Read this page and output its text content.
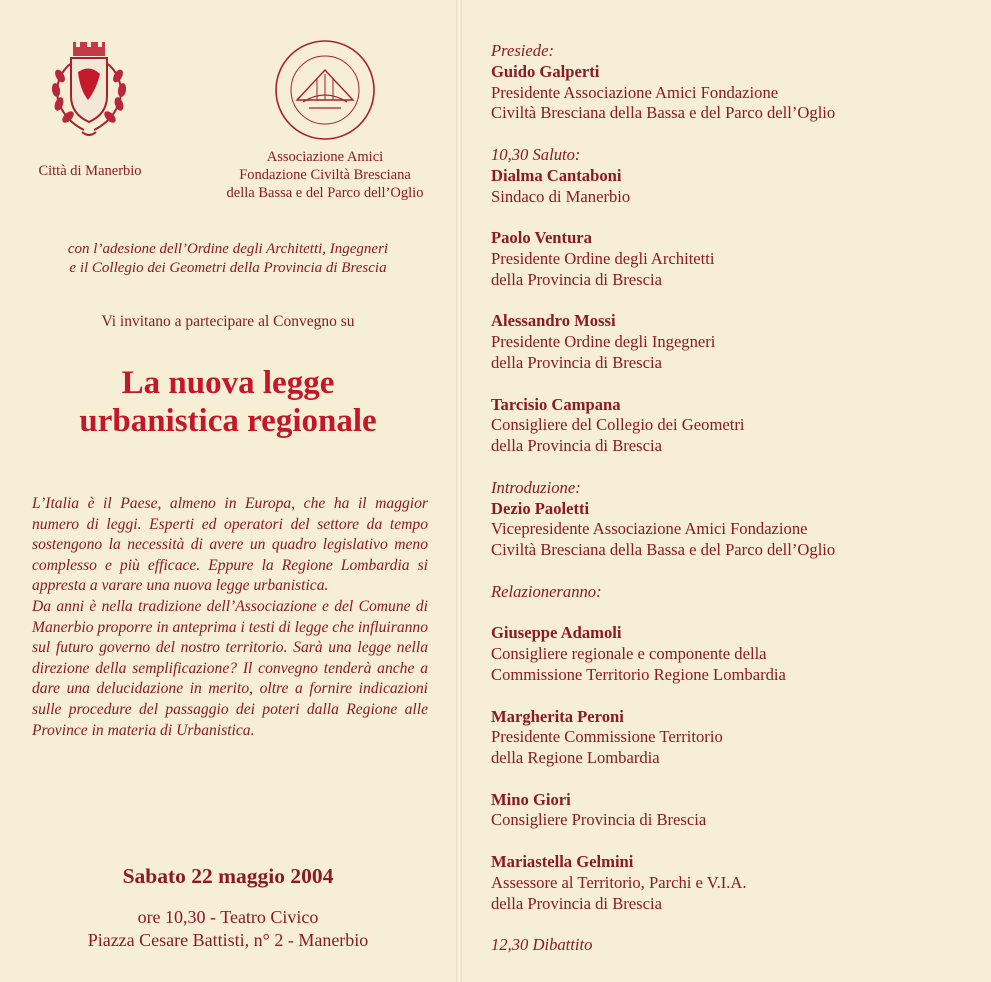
Città di Manerbio
Associazione Amici
Fondazione Civiltà Bresciana
della Bassa e del Parco dell’Oglio
con l’adesione dell’Ordine degli Architetti, Ingegneri
e il Collegio dei Geometri della Provincia di Brescia
Vi invitano a partecipare al Convegno su
La nuova legge
urbanistica regionale

L’Italia è il Paese, almeno in Europa, che ha il maggior numero di leggi. Esperti ed operatori del settore da tempo sostengono la necessità di avere un quadro legislativo meno complesso e più efficace. Eppure la Regione Lombardia si appresta a varare una nuova legge urbanistica.

Da anni è nella tradizione dell’Associazione e del Comune di Manerbio proporre in anteprima i testi di legge che influiranno sul futuro governo del nostro territorio. Sarà una legge nella direzione della semplificazione? Il convegno tenderà anche a dare una delucidazione in merito, oltre a fornire indicazioni sulle procedure del passaggio dei poteri dalla Regione alle Province in materia di Urbanistica.

Sabato 22 maggio 2004
ore 10,30 - Teatro Civico
Piazza Cesare Battisti, n° 2 - Manerbio
Presiede:
Guido Galperti
Presidente Associazione Amici Fondazione
Civiltà Bresciana della Bassa e del Parco dell’Oglio
10,30 Saluto:
Dialma Cantaboni
Sindaco di Manerbio
Paolo Ventura
Presidente Ordine degli Architetti
della Provincia di Brescia
Alessandro Mossi
Presidente Ordine degli Ingegneri
della Provincia di Brescia
Tarcisio Campana
Consigliere del Collegio dei Geometri
della Provincia di Brescia
Introduzione:
Dezio Paoletti
Vicepresidente Associazione Amici Fondazione
Civiltà Bresciana della Bassa e del Parco dell’Oglio
Relazioneranno:
Giuseppe Adamoli
Consigliere regionale e componente della
Commissione Territorio Regione Lombardia
Margherita Peroni
Presidente Commissione Territorio
della Regione Lombardia
Mino Giori
Consigliere Provincia di Brescia
Mariastella Gelmini
Assessore al Territorio, Parchi e V.I.A.
della Provincia di Brescia
12,30 Dibattito
